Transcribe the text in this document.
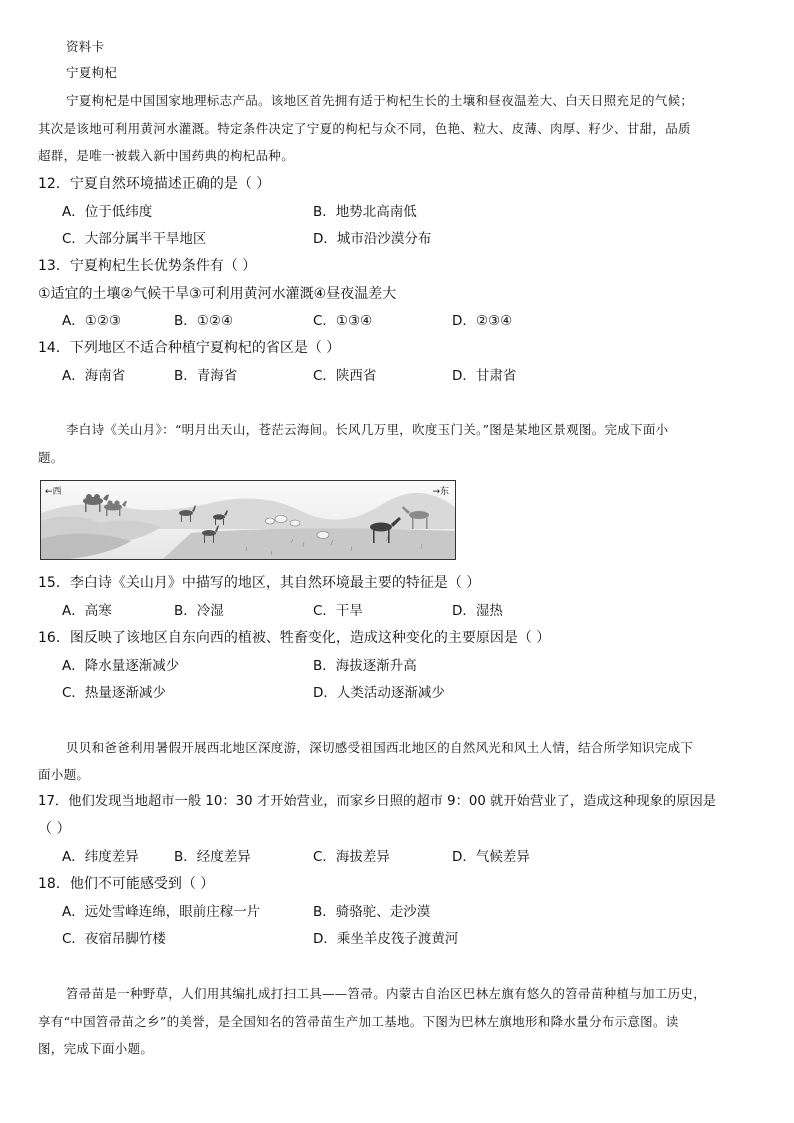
资料卡
宁夏枸杞
宁夏枸杞是中国国家地理标志产品。该地区首先拥有适于枸杞生长的土壤和昼夜温差大、白天日照充足的气候；
其次是该地可利用黄河水灌溉。特定条件决定了宁夏的枸杞与众不同，色艳、粒大、皮薄、肉厚、籽少、甘甜，品质
超群，是唯一被载入新中国药典的枸杞品种。
12．宁夏自然环境描述正确的是（ ）
A．位于低纬度	B．地势北高南低
C．大部分属半干旱地区	D．城市沿沙漠分布
13．宁夏枸杞生长优势条件有（ ）
①适宜的土壤②气候干旱③可利用黄河水灌溉④昼夜温差大
A．①②③	B．①②④	C．①③④	D．②③④
14．下列地区不适合种植宁夏枸杞的省区是（ ）
A．海南省	B．青海省	C．陕西省	D．甘肃省
李白诗《关山月》：“明月出天山，苍茫云海间。长风几万里，吹度玉门关。”图是某地区景观图。完成下面小
题。
←西	→东
15．李白诗《关山月》中描写的地区，其自然环境最主要的特征是（ ）
A．高寒	B．冷湿	C．干旱	D．湿热
16．图反映了该地区自东向西的植被、牲畜变化，造成这种变化的主要原因是（ ）
A．降水量逐渐减少	B．海拔逐渐升高
C．热量逐渐减少	D．人类活动逐渐减少
贝贝和爸爸利用暑假开展西北地区深度游，深切感受祖国西北地区的自然风光和风土人情，结合所学知识完成下
面小题。
17．他们发现当地超市一般 10：30 才开始营业，而家乡日照的超市 9：00 就开始营业了，造成这种现象的原因是
（ ）
A．纬度差异	B．经度差异	C．海拔差异	D．气候差异
18．他们不可能感受到（ ）
A．远处雪峰连绵，眼前庄稼一片	B．骑骆驼、走沙漠
C．夜宿吊脚竹楼	D．乘坐羊皮筏子渡黄河
笤帚苗是一种野草，人们用其编扎成打扫工具——笤帚。内蒙古自治区巴林左旗有悠久的笤帚苗种植与加工历史，
享有“中国笤帚苗之乡”的美誉，是全国知名的笤帚苗生产加工基地。下图为巴林左旗地形和降水量分布示意图。读
图，完成下面小题。
